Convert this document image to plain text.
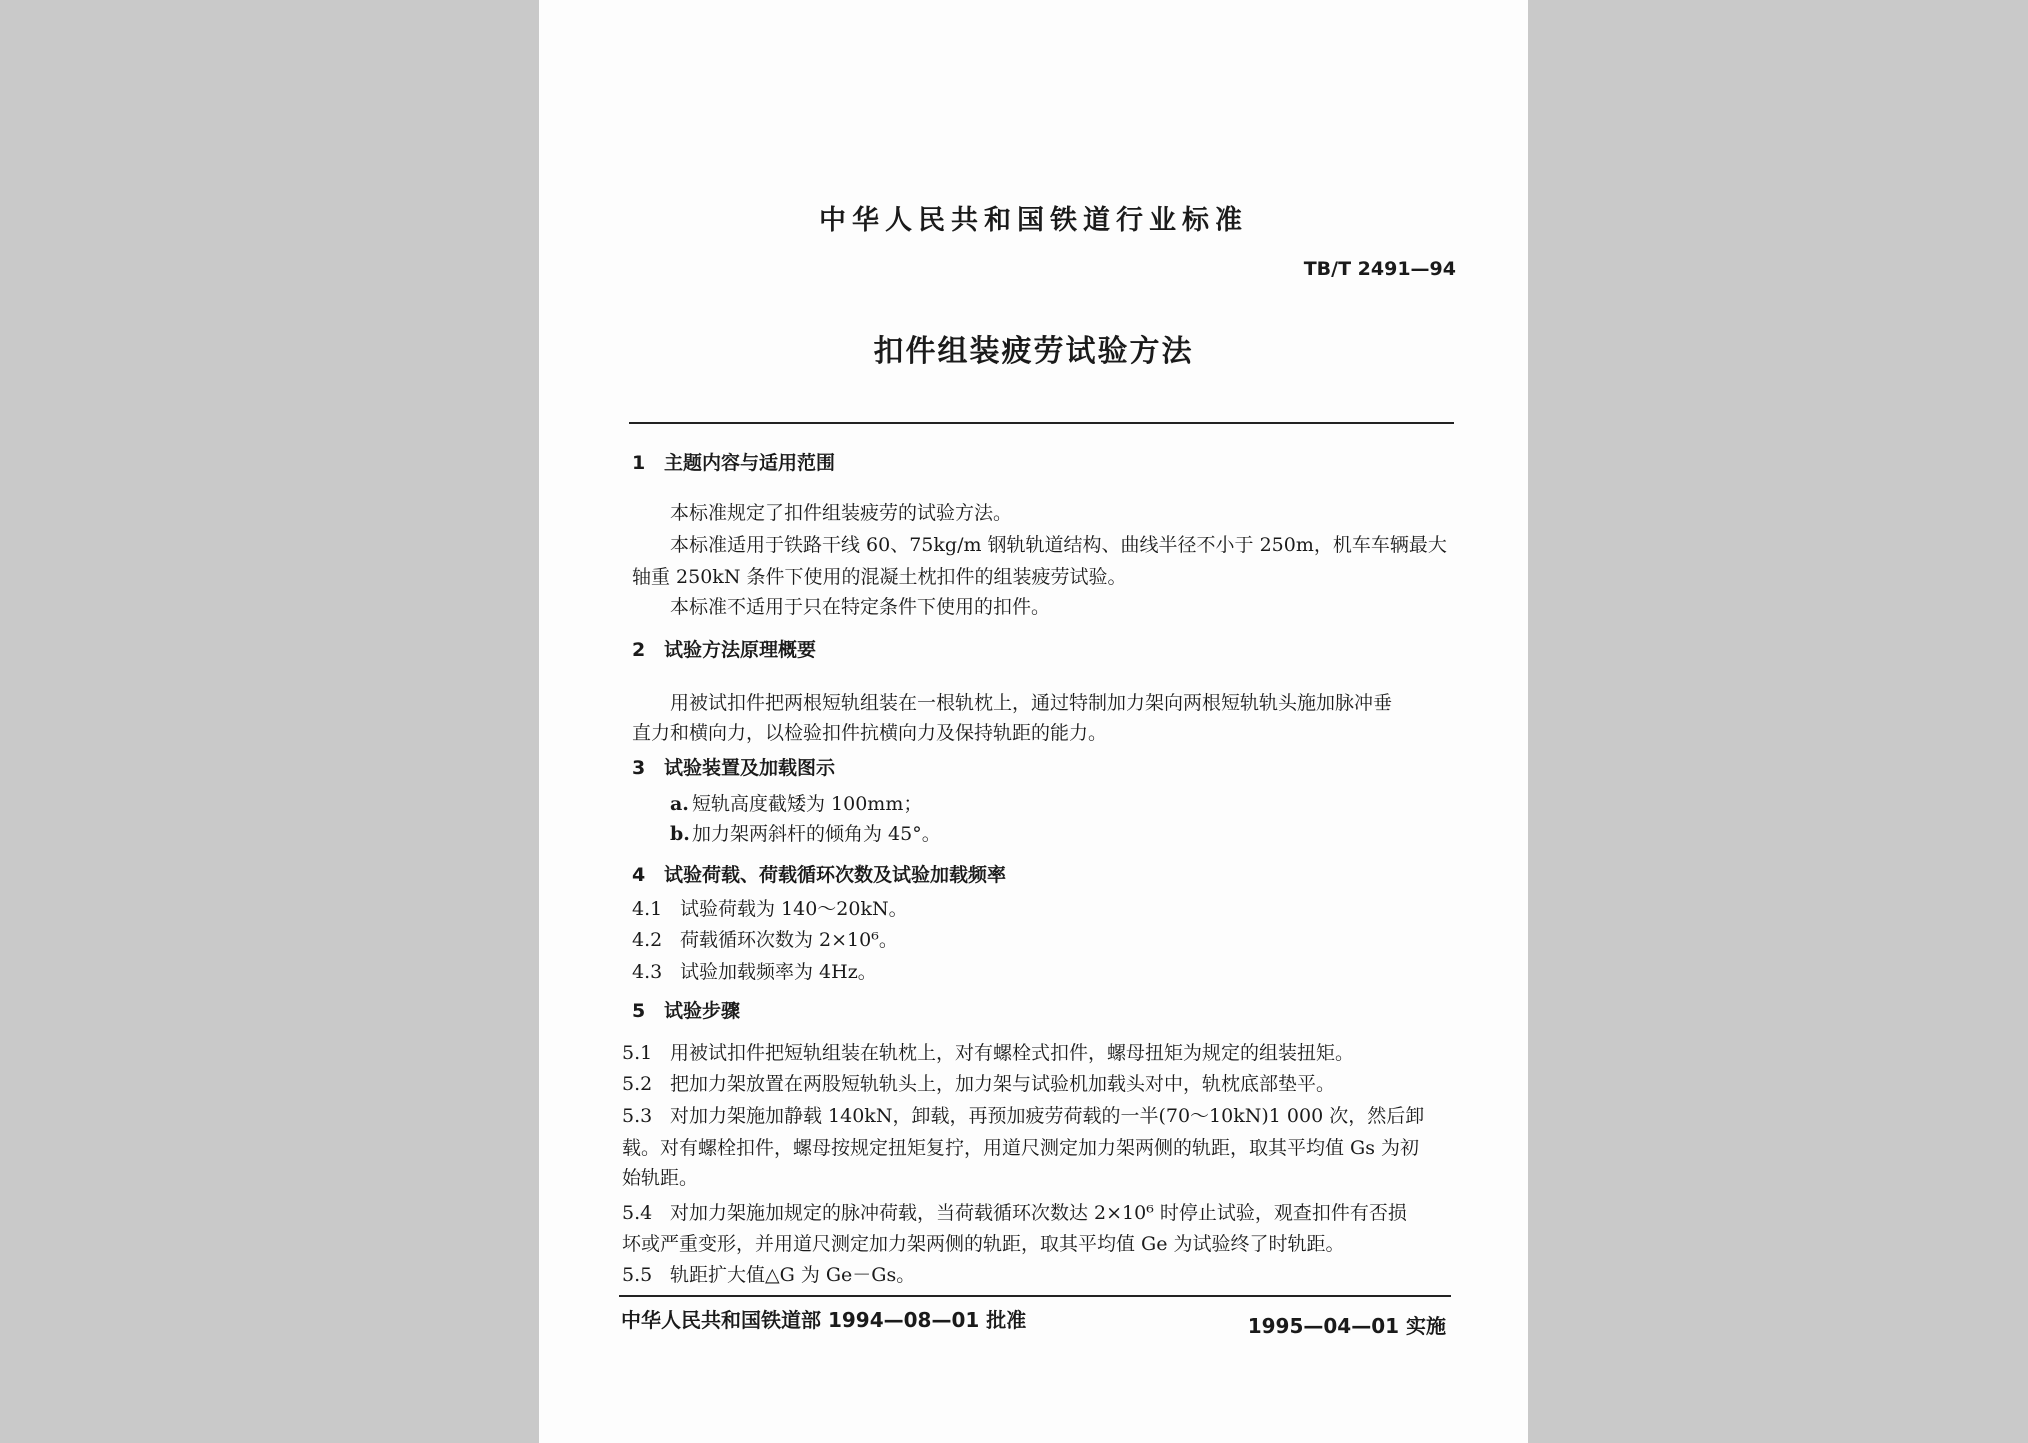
中华人民共和国铁道行业标准
TB/T 2491—94
扣件组装疲劳试验方法
1 主题内容与适用范围
本标准规定了扣件组装疲劳的试验方法。
本标准适用于铁路干线 60、75kg/m 钢轨轨道结构、曲线半径不小于 250m，机车车辆最大
轴重 250kN 条件下使用的混凝土枕扣件的组装疲劳试验。
本标准不适用于只在特定条件下使用的扣件。
2 试验方法原理概要
用被试扣件把两根短轨组装在一根轨枕上，通过特制加力架向两根短轨轨头施加脉冲垂
直力和横向力，以检验扣件抗横向力及保持轨距的能力。
3 试验装置及加载图示
a. 短轨高度截矮为 100mm；
b. 加力架两斜杆的倾角为 45°。
4 试验荷载、荷载循环次数及试验加载频率
4.1 试验荷载为 140～20kN。
4.2 荷载循环次数为 2×10⁶。
4.3 试验加载频率为 4Hz。
5 试验步骤
5.1 用被试扣件把短轨组装在轨枕上，对有螺栓式扣件，螺母扭矩为规定的组装扭矩。
5.2 把加力架放置在两股短轨轨头上，加力架与试验机加载头对中，轨枕底部垫平。
5.3 对加力架施加静载 140kN，卸载，再预加疲劳荷载的一半(70～10kN)1 000 次，然后卸
载。对有螺栓扣件，螺母按规定扭矩复拧，用道尺测定加力架两侧的轨距，取其平均值 Gs 为初
始轨距。
5.4 对加力架施加规定的脉冲荷载，当荷载循环次数达 2×10⁶ 时停止试验，观查扣件有否损
坏或严重变形，并用道尺测定加力架两侧的轨距，取其平均值 Ge 为试验终了时轨距。
5.5 轨距扩大值△G 为 Ge－Gs。
中华人民共和国铁道部 1994—08—01 批准	1995—04—01 实施
